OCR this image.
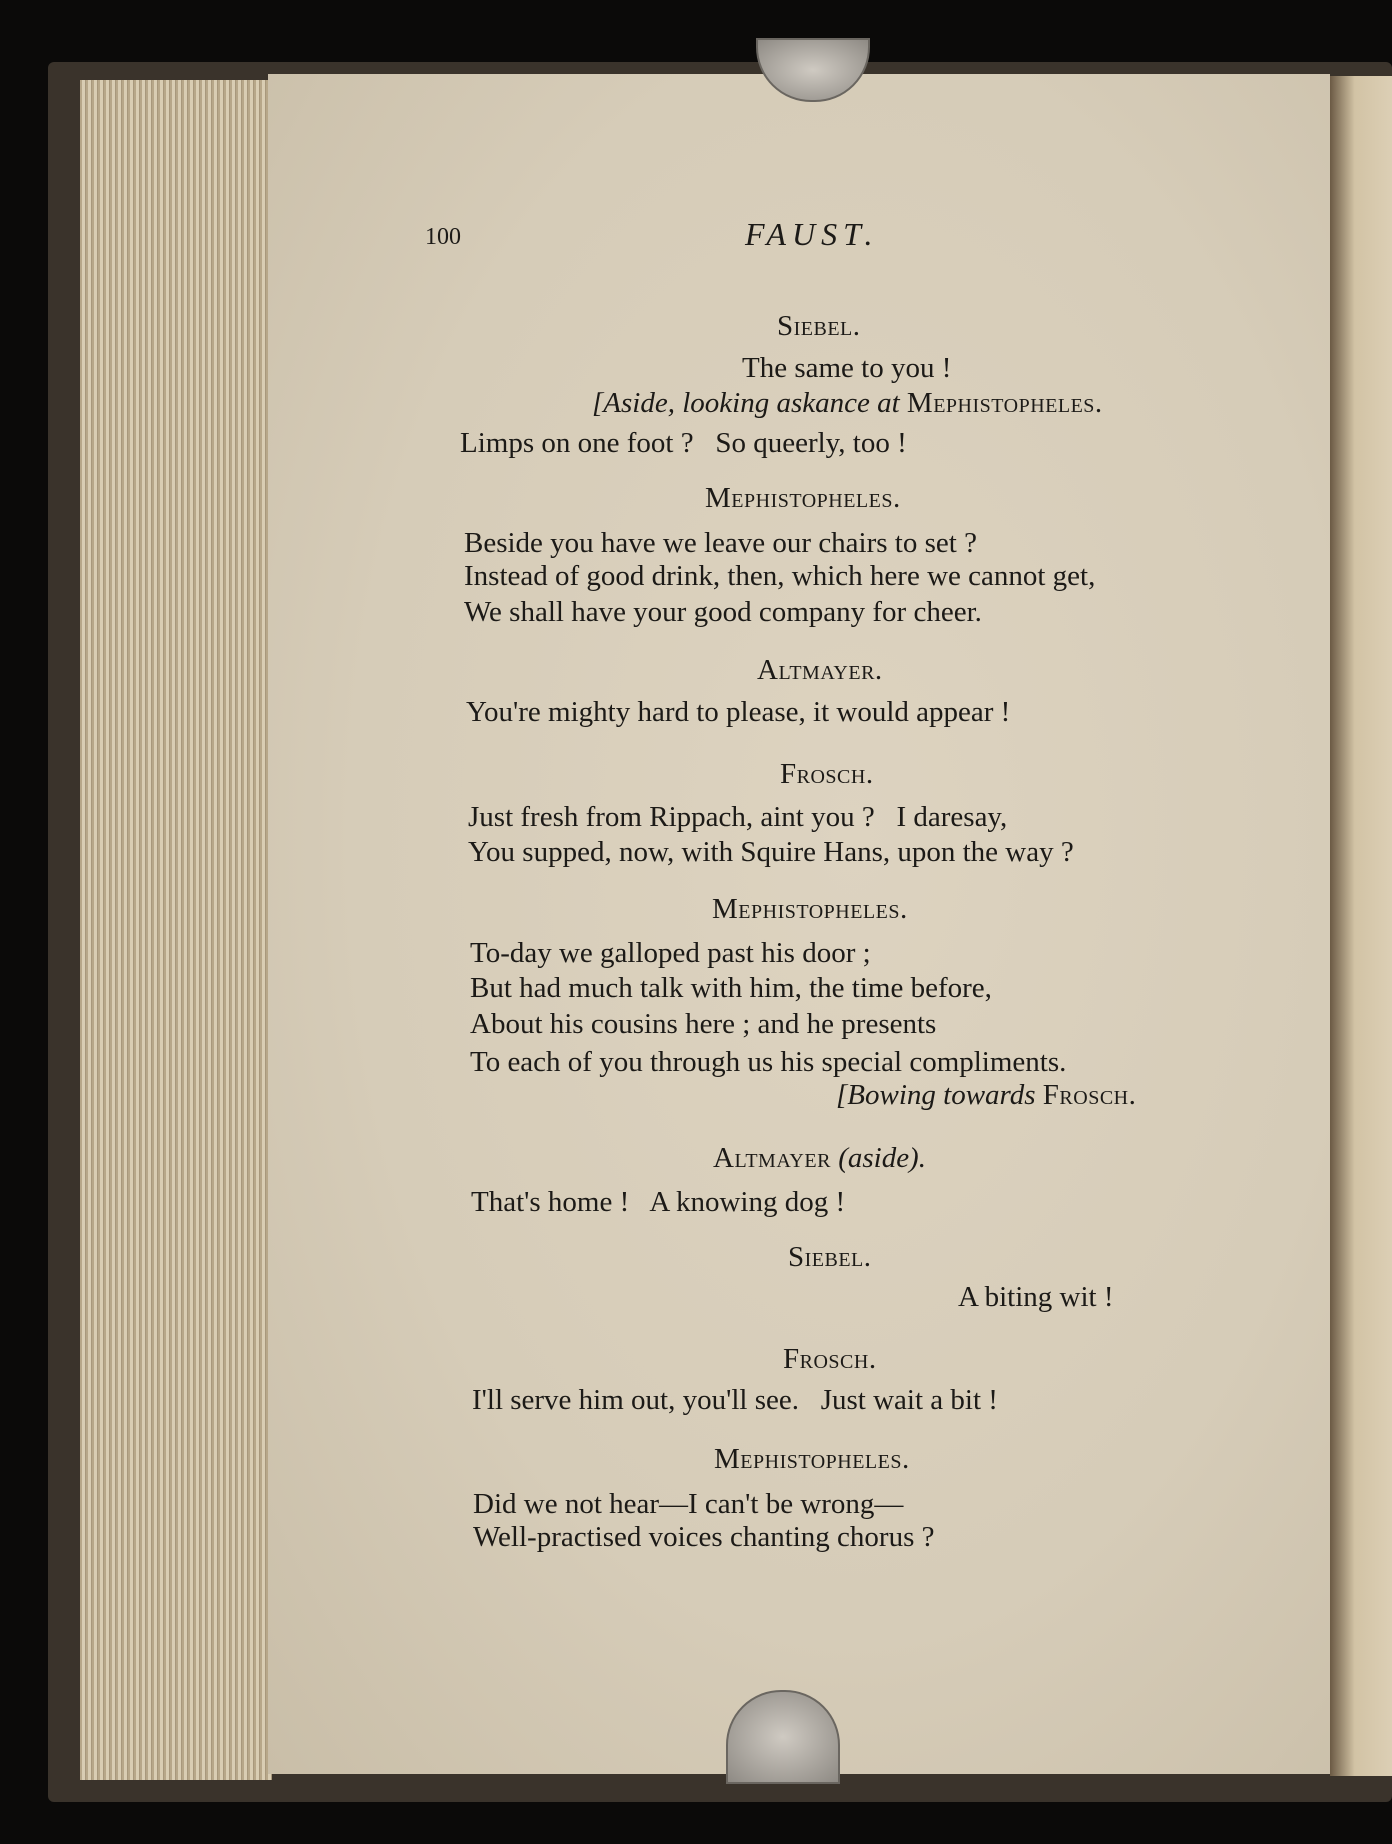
100	FAUST.
Siebel.
The same to you !
[Aside, looking askance at Mephistopheles.
Limps on one foot ?   So queerly, too !
Mephistopheles.
Beside you have we leave our chairs to set ?
Instead of good drink, then, which here we cannot get,
We shall have your good company for cheer.
Altmayer.
You're mighty hard to please, it would appear !
Frosch.
Just fresh from Rippach, aint you ?   I daresay,
You supped, now, with Squire Hans, upon the way ?
Mephistopheles.
To-day we galloped past his door ;
But had much talk with him, the time before,
About his cousins here ; and he presents
To each of you through us his special compliments.
[Bowing towards Frosch.
Altmayer (aside).
That's home !   A knowing dog !
Siebel.
A biting wit !
Frosch.
I'll serve him out, you'll see.   Just wait a bit !
Mephistopheles.
Did we not hear—I can't be wrong—
Well-practised voices chanting chorus ?
